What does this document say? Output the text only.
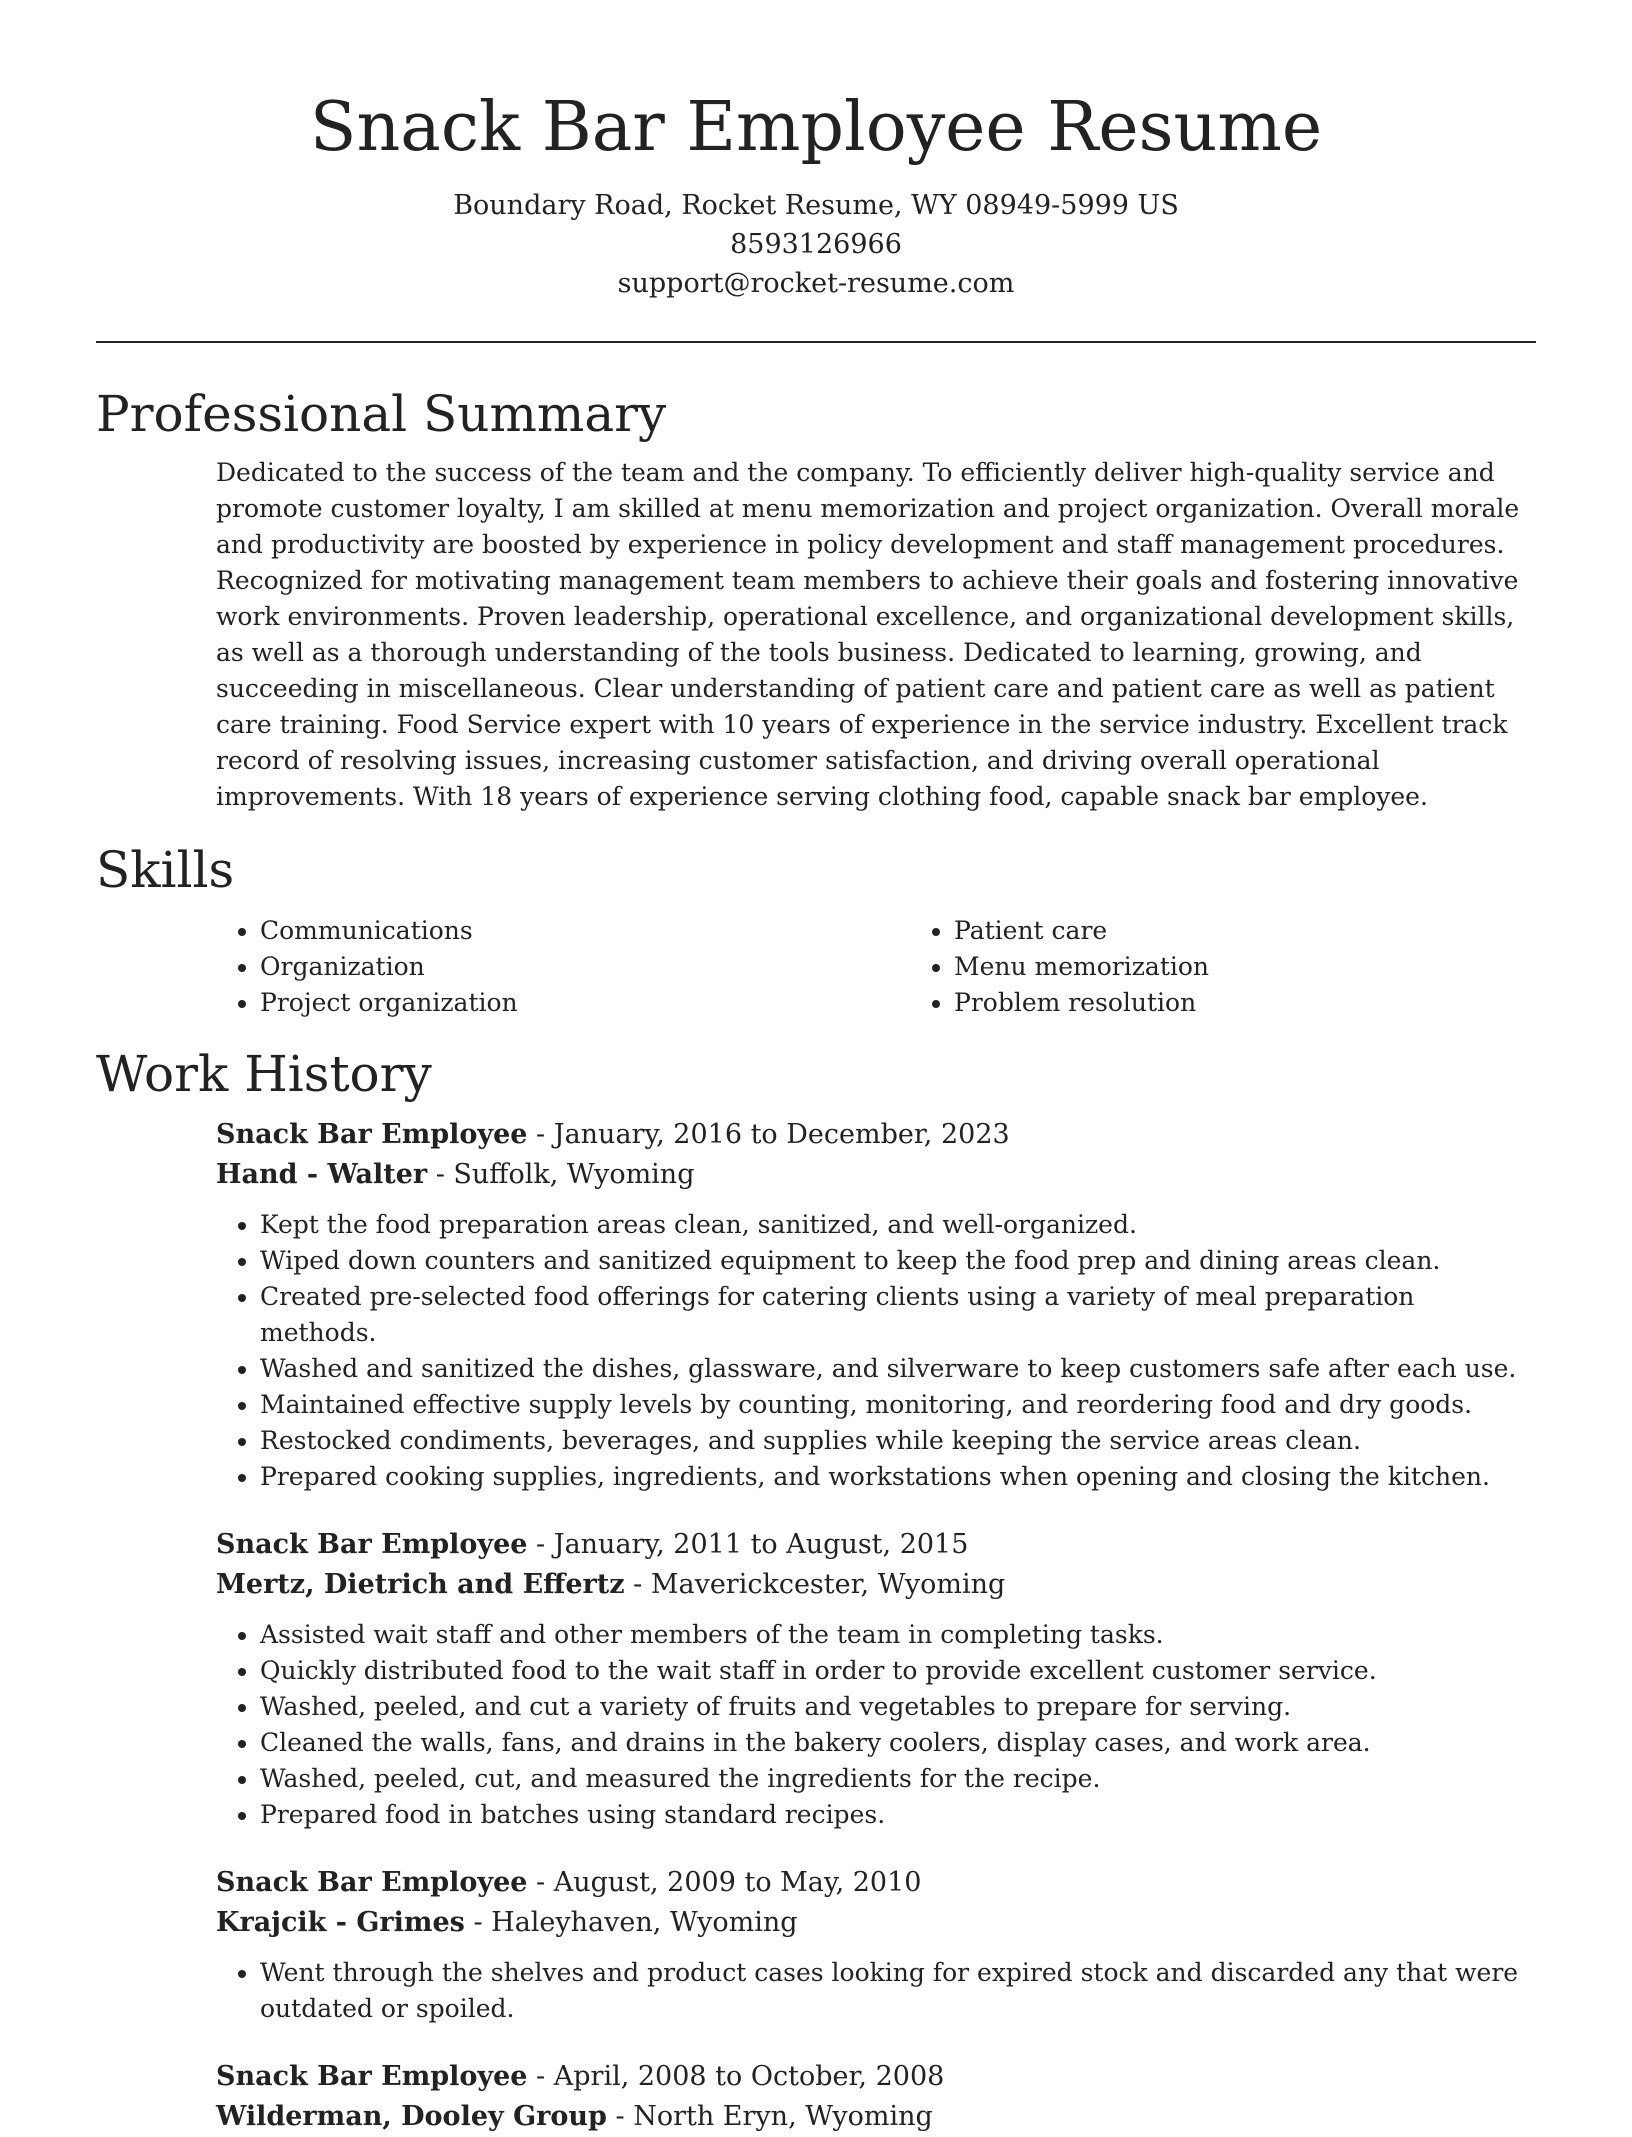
Snack Bar Employee Resume
Boundary Road, Rocket Resume, WY 08949-5999 US
8593126966
support@rocket-resume.com
Professional Summary

Dedicated to the success of the team and the company. To efficiently deliver high-quality service and promote customer loyalty, I am skilled at menu memorization and project organization. Overall morale and productivity are boosted by experience in policy development and staff management procedures. Recognized for motivating management team members to achieve their goals and fostering innovative work environments. Proven leadership, operational excellence, and organizational development skills, as well as a thorough understanding of the tools business. Dedicated to learning, growing, and succeeding in miscellaneous. Clear understanding of patient care and patient care as well as patient care training. Food Service expert with 10 years of experience in the service industry. Excellent track record of resolving issues, increasing customer satisfaction, and driving overall operational improvements. With 18 years of experience serving clothing food, capable snack bar employee.

Skills
• Communications
• Organization
• Project organization
• Patient care
• Menu memorization
• Problem resolution
Work History
Snack Bar Employee - January, 2016 to December, 2023
Hand - Walter - Suffolk, Wyoming
• Kept the food preparation areas clean, sanitized, and well-organized.
• Wiped down counters and sanitized equipment to keep the food prep and dining areas clean.
• Created pre-selected food offerings for catering clients using a variety of meal preparation methods.
• Washed and sanitized the dishes, glassware, and silverware to keep customers safe after each use.
• Maintained effective supply levels by counting, monitoring, and reordering food and dry goods.
• Restocked condiments, beverages, and supplies while keeping the service areas clean.
• Prepared cooking supplies, ingredients, and workstations when opening and closing the kitchen.
Snack Bar Employee - January, 2011 to August, 2015
Mertz, Dietrich and Effertz - Maverickcester, Wyoming
• Assisted wait staff and other members of the team in completing tasks.
• Quickly distributed food to the wait staff in order to provide excellent customer service.
• Washed, peeled, and cut a variety of fruits and vegetables to prepare for serving.
• Cleaned the walls, fans, and drains in the bakery coolers, display cases, and work area.
• Washed, peeled, cut, and measured the ingredients for the recipe.
• Prepared food in batches using standard recipes.
Snack Bar Employee - August, 2009 to May, 2010
Krajcik - Grimes - Haleyhaven, Wyoming
• Went through the shelves and product cases looking for expired stock and discarded any that were outdated or spoiled.
Snack Bar Employee - April, 2008 to October, 2008
Wilderman, Dooley Group - North Eryn, Wyoming
